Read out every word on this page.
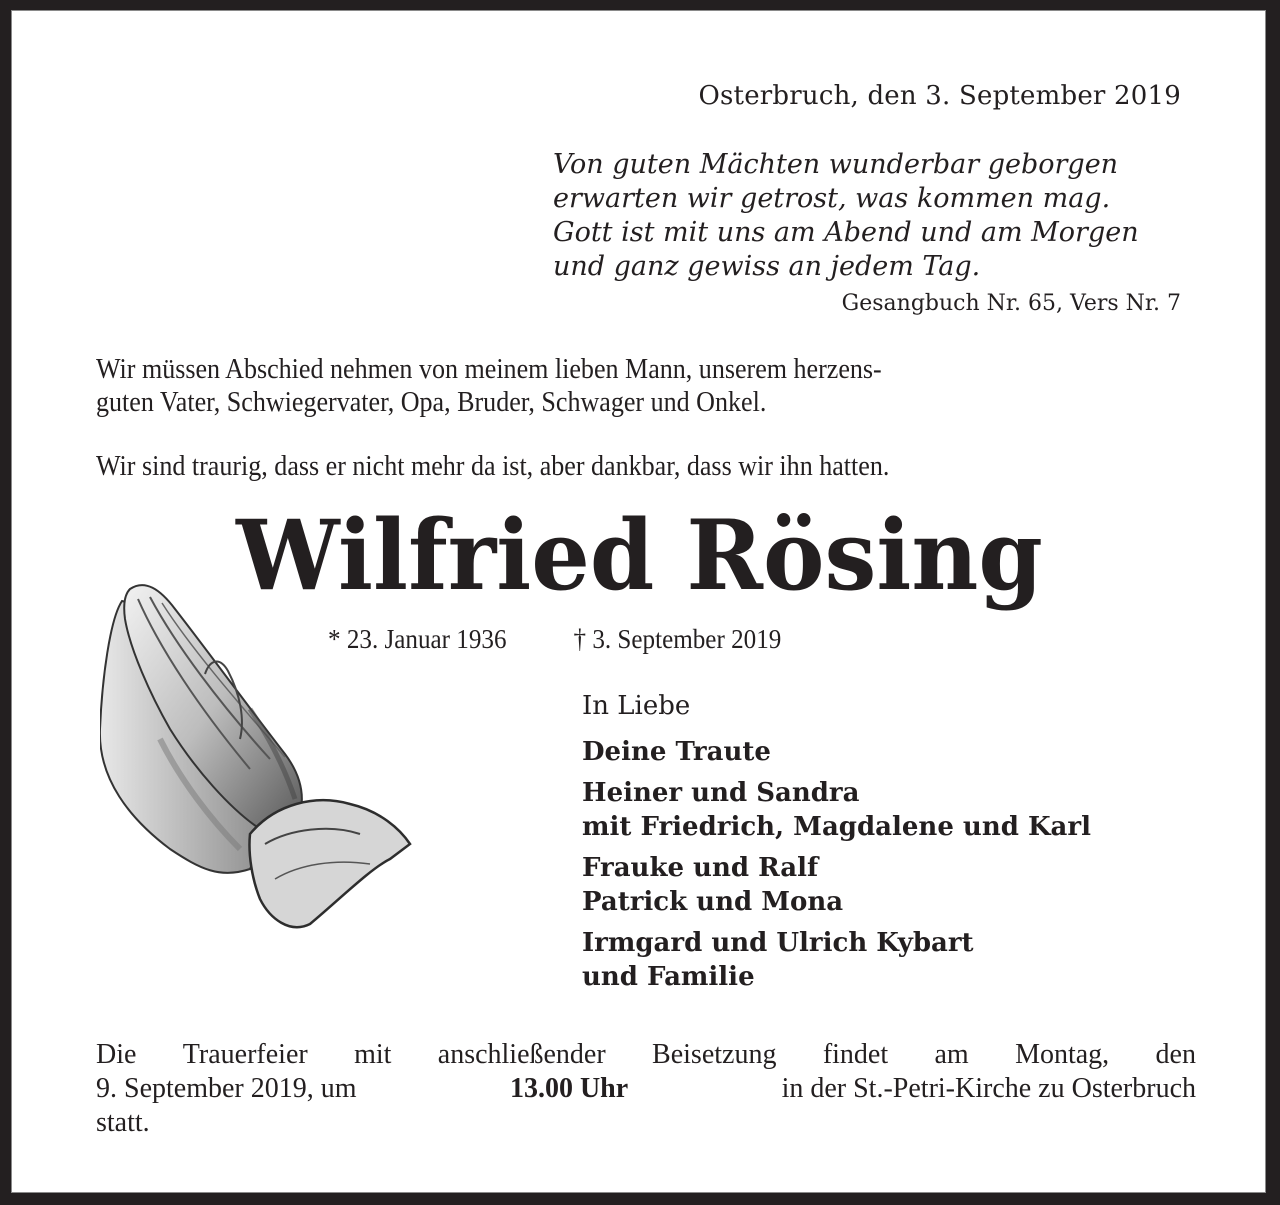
Osterbruch, den 3. September 2019

Von guten Mächten wunderbar geborgen
erwarten wir getrost, was kommen mag.
Gott ist mit uns am Abend und am Morgen
und ganz gewiss an jedem Tag.

Gesangbuch Nr. 65, Vers Nr. 7

Wir müssen Abschied nehmen von meinem lieben Mann, unserem herzens-
guten Vater, Schwiegervater, Opa, Bruder, Schwager und Onkel.

Wir sind traurig, dass er nicht mehr da ist, aber dankbar, dass wir ihn hatten.

Wilfried Rösing

* 23. Januar 1936 † 3. September 2019

In Liebe

Deine Traute
Heiner und Sandra
mit Friedrich, Magdalene und Karl
Frauke und Ralf
Patrick und Mona
Irmgard und Ulrich Kybart
und Familie
Die Trauerfeier mit anschließender Beisetzung findet am Montag, den
9. September 2019, um	13.00 Uhr	in der St.-Petri-Kirche zu Osterbruch
statt.
